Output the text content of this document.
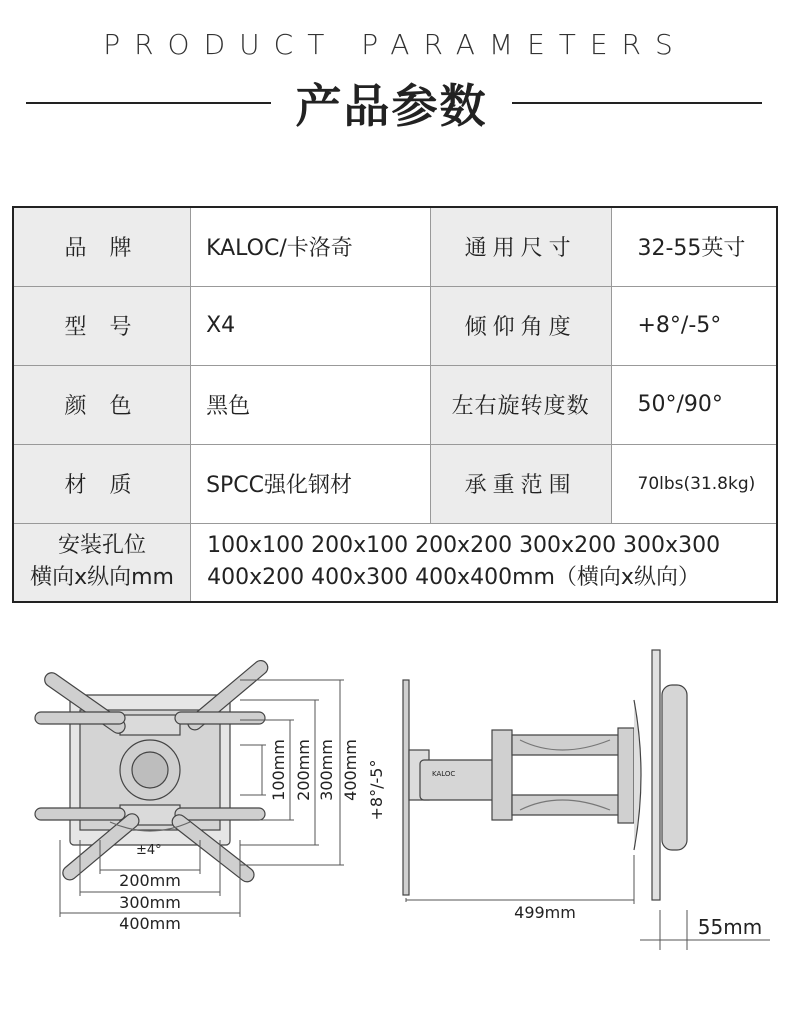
PRODUCT PARAMETERS
产品参数
品 牌	KALOC/卡洛奇	通用尺寸	32-55英寸
型 号	X4	倾仰角度	+8°/-5°
颜 色	黑色	左右旋转度数	50°/90°
材 质	SPCC强化钢材	承重范围	70lbs(31.8kg)

安装孔位
横向x纵向mm	100x100 200x100 200x200 300x200 300x300
400x200 400x300 400x400mm（横向x纵向）		
±4°
200mm
300mm
400mm
100mm 200mm 300mm 400mm +8°/-5°	KALOC
499mm
55mm
